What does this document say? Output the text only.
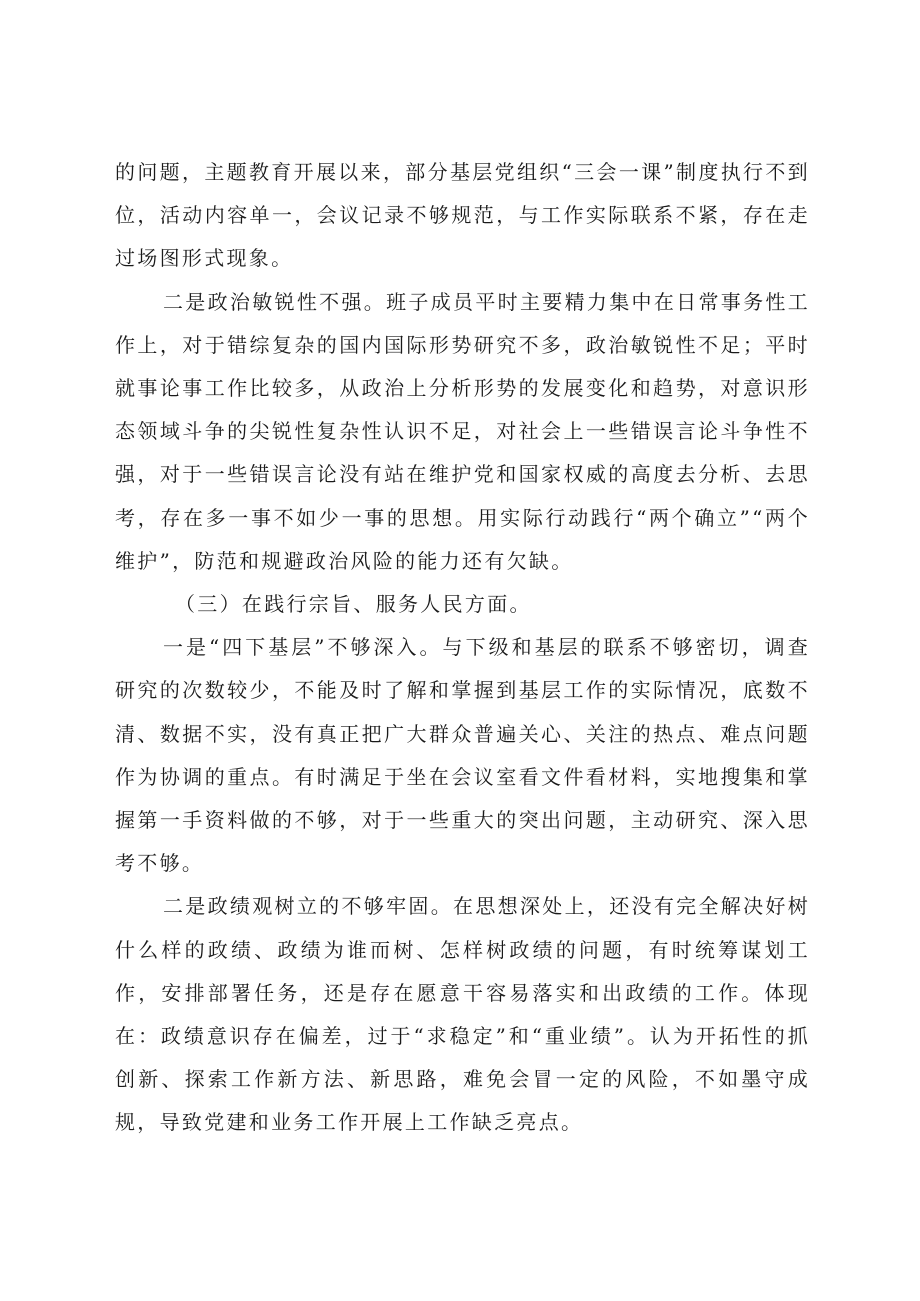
的问题，主题教育开展以来，部分基层党组织“三会一课”制度执行不到位，活动内容单一，会议记录不够规范，与工作实际联系不紧，存在走过场图形式现象。

二是政治敏锐性不强。班子成员平时主要精力集中在日常事务性工作上，对于错综复杂的国内国际形势研究不多，政治敏锐性不足；平时就事论事工作比较多，从政治上分析形势的发展变化和趋势，对意识形态领域斗争的尖锐性复杂性认识不足，对社会上一些错误言论斗争性不强，对于一些错误言论没有站在维护党和国家权威的高度去分析、去思考，存在多一事不如少一事的思想。用实际行动践行“两个确立”“两个维护”，防范和规避政治风险的能力还有欠缺。

（三）在践行宗旨、服务人民方面。

一是“四下基层”不够深入。与下级和基层的联系不够密切，调查研究的次数较少，不能及时了解和掌握到基层工作的实际情况，底数不清、数据不实，没有真正把广大群众普遍关心、关注的热点、难点问题作为协调的重点。有时满足于坐在会议室看文件看材料，实地搜集和掌握第一手资料做的不够，对于一些重大的突出问题，主动研究、深入思考不够。

二是政绩观树立的不够牢固。在思想深处上，还没有完全解决好树什么样的政绩、政绩为谁而树、怎样树政绩的问题，有时统筹谋划工作，安排部署任务，还是存在愿意干容易落实和出政绩的工作。体现在：政绩意识存在偏差，过于“求稳定”和“重业绩”。认为开拓性的抓创新、探索工作新方法、新思路，难免会冒一定的风险，不如墨守成规，导致党建和业务工作开展上工作缺乏亮点。
